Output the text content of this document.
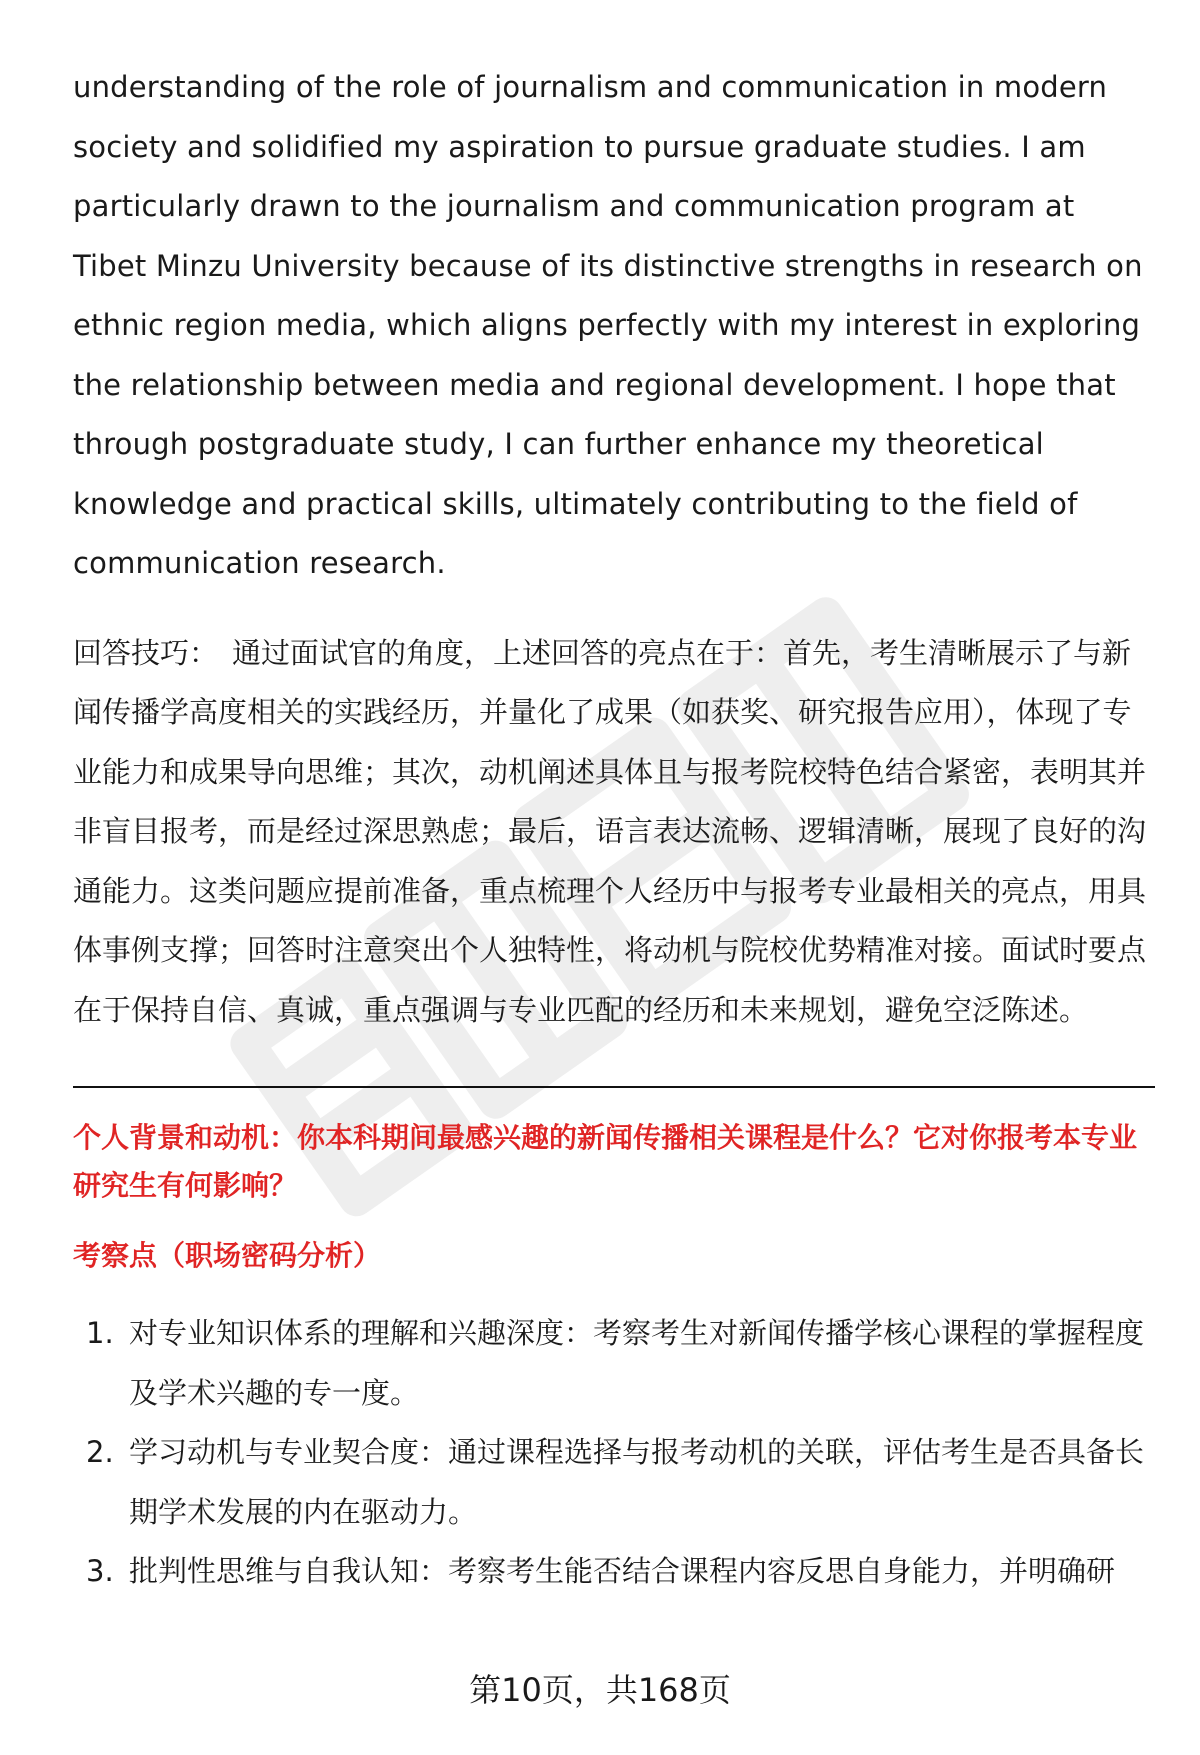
understanding of the role of journalism and communication in modern society and solidified my aspiration to pursue graduate studies. I am particularly drawn to the journalism and communication program at Tibet Minzu University because of its distinctive strengths in research on ethnic region media, which aligns perfectly with my interest in exploring the relationship between media and regional development. I hope that through postgraduate study, I can further enhance my theoretical knowledge and practical skills, ultimately contributing to the field of communication research.

回答技巧： 通过面试官的角度，上述回答的亮点在于：首先，考生清晰展示了与新闻传播学高度相关的实践经历，并量化了成果（如获奖、研究报告应用），体现了专业能力和成果导向思维；其次，动机阐述具体且与报考院校特色结合紧密，表明其并非盲目报考，而是经过深思熟虑；最后，语言表达流畅、逻辑清晰，展现了良好的沟通能力。这类问题应提前准备，重点梳理个人经历中与报考专业最相关的亮点，用具体事例支撑；回答时注意突出个人独特性，将动机与院校优势精准对接。面试时要点在于保持自信、真诚，重点强调与专业匹配的经历和未来规划，避免空泛陈述。

个人背景和动机：你本科期间最感兴趣的新闻传播相关课程是什么？它对你报考本专业研究生有何影响？

考察点（职场密码分析）

1. 对专业知识体系的理解和兴趣深度：考察考生对新闻传播学核心课程的掌握程度及学术兴趣的专一度。
2. 学习动机与专业契合度：通过课程选择与报考动机的关联，评估考生是否具备长期学术发展的内在驱动力。
3. 批判性思维与自我认知：考察考生能否结合课程内容反思自身能力，并明确研
第10页，共168页
